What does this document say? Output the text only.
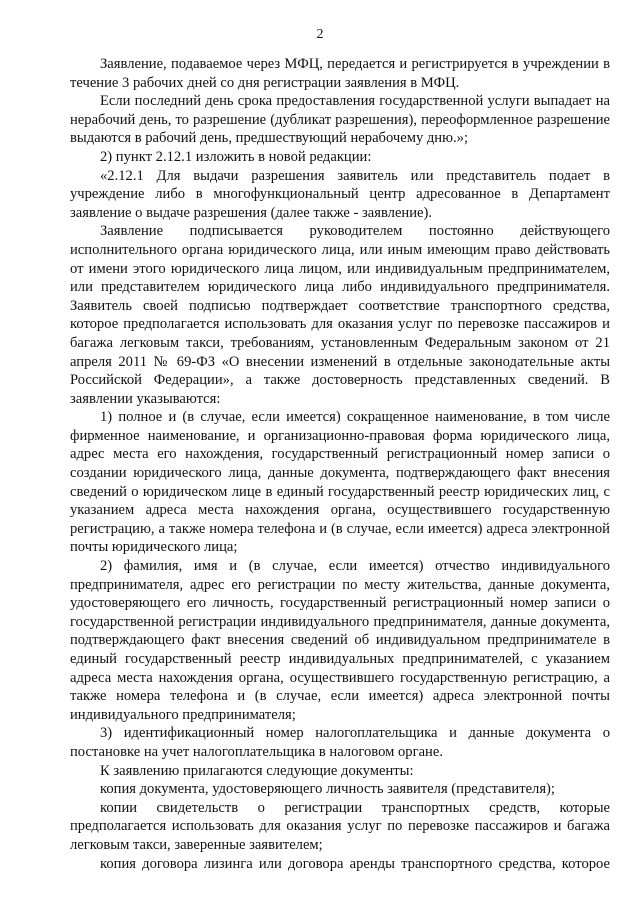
2

Заявление, подаваемое через МФЦ, передается и регистрируется в учреждении в течение 3 рабочих дней со дня регистрации заявления в МФЦ.

Если последний день срока предоставления государственной услуги выпадает на нерабочий день, то разрешение (дубликат разрешения), переоформленное разрешение выдаются в рабочий день, предшествующий нерабочему дню.»;

2) пункт 2.12.1 изложить в новой редакции:

«2.12.1 Для выдачи разрешения заявитель или представитель подает в учреждение либо в многофункциональный центр адресованное в Департамент заявление о выдаче разрешения (далее также - заявление).

Заявление подписывается руководителем постоянно действующего исполнительного органа юридического лица, или иным имеющим право действовать от имени этого юридического лица лицом, или индивидуальным предпринимателем, или представителем юридического лица либо индивидуального предпринимателя. Заявитель своей подписью подтверждает соответствие транспортного средства, которое предполагается использовать для оказания услуг по перевозке пассажиров и багажа легковым такси, требованиям, установленным Федеральным законом от 21 апреля 2011 № 69-ФЗ «О внесении изменений в отдельные законодательные акты Российской Федерации», а также достоверность представленных сведений. В заявлении указываются:

1) полное и (в случае, если имеется) сокращенное наименование, в том числе фирменное наименование, и организационно-правовая форма юридического лица, адрес места его нахождения, государственный регистрационный номер записи о создании юридического лица, данные документа, подтверждающего факт внесения сведений о юридическом лице в единый государственный реестр юридических лиц, с указанием адреса места нахождения органа, осуществившего государственную регистрацию, а также номера телефона и (в случае, если имеется) адреса электронной почты юридического лица;

2) фамилия, имя и (в случае, если имеется) отчество индивидуального предпринимателя, адрес его регистрации по месту жительства, данные документа, удостоверяющего его личность, государственный регистрационный номер записи о государственной регистрации индивидуального предпринимателя, данные документа, подтверждающего факт внесения сведений об индивидуальном предпринимателе в единый государственный реестр индивидуальных предпринимателей, с указанием адреса места нахождения органа, осуществившего государственную регистрацию, а также номера телефона и (в случае, если имеется) адреса электронной почты индивидуального предпринимателя;

3) идентификационный номер налогоплательщика и данные документа о постановке на учет налогоплательщика в налоговом органе.

К заявлению прилагаются следующие документы:

копия документа, удостоверяющего личность заявителя (представителя);

копии свидетельств о регистрации транспортных средств, которые предполагается использовать для оказания услуг по перевозке пассажиров и багажа легковым такси, заверенные заявителем;

копия договора лизинга или договора аренды транспортного средства, которое
